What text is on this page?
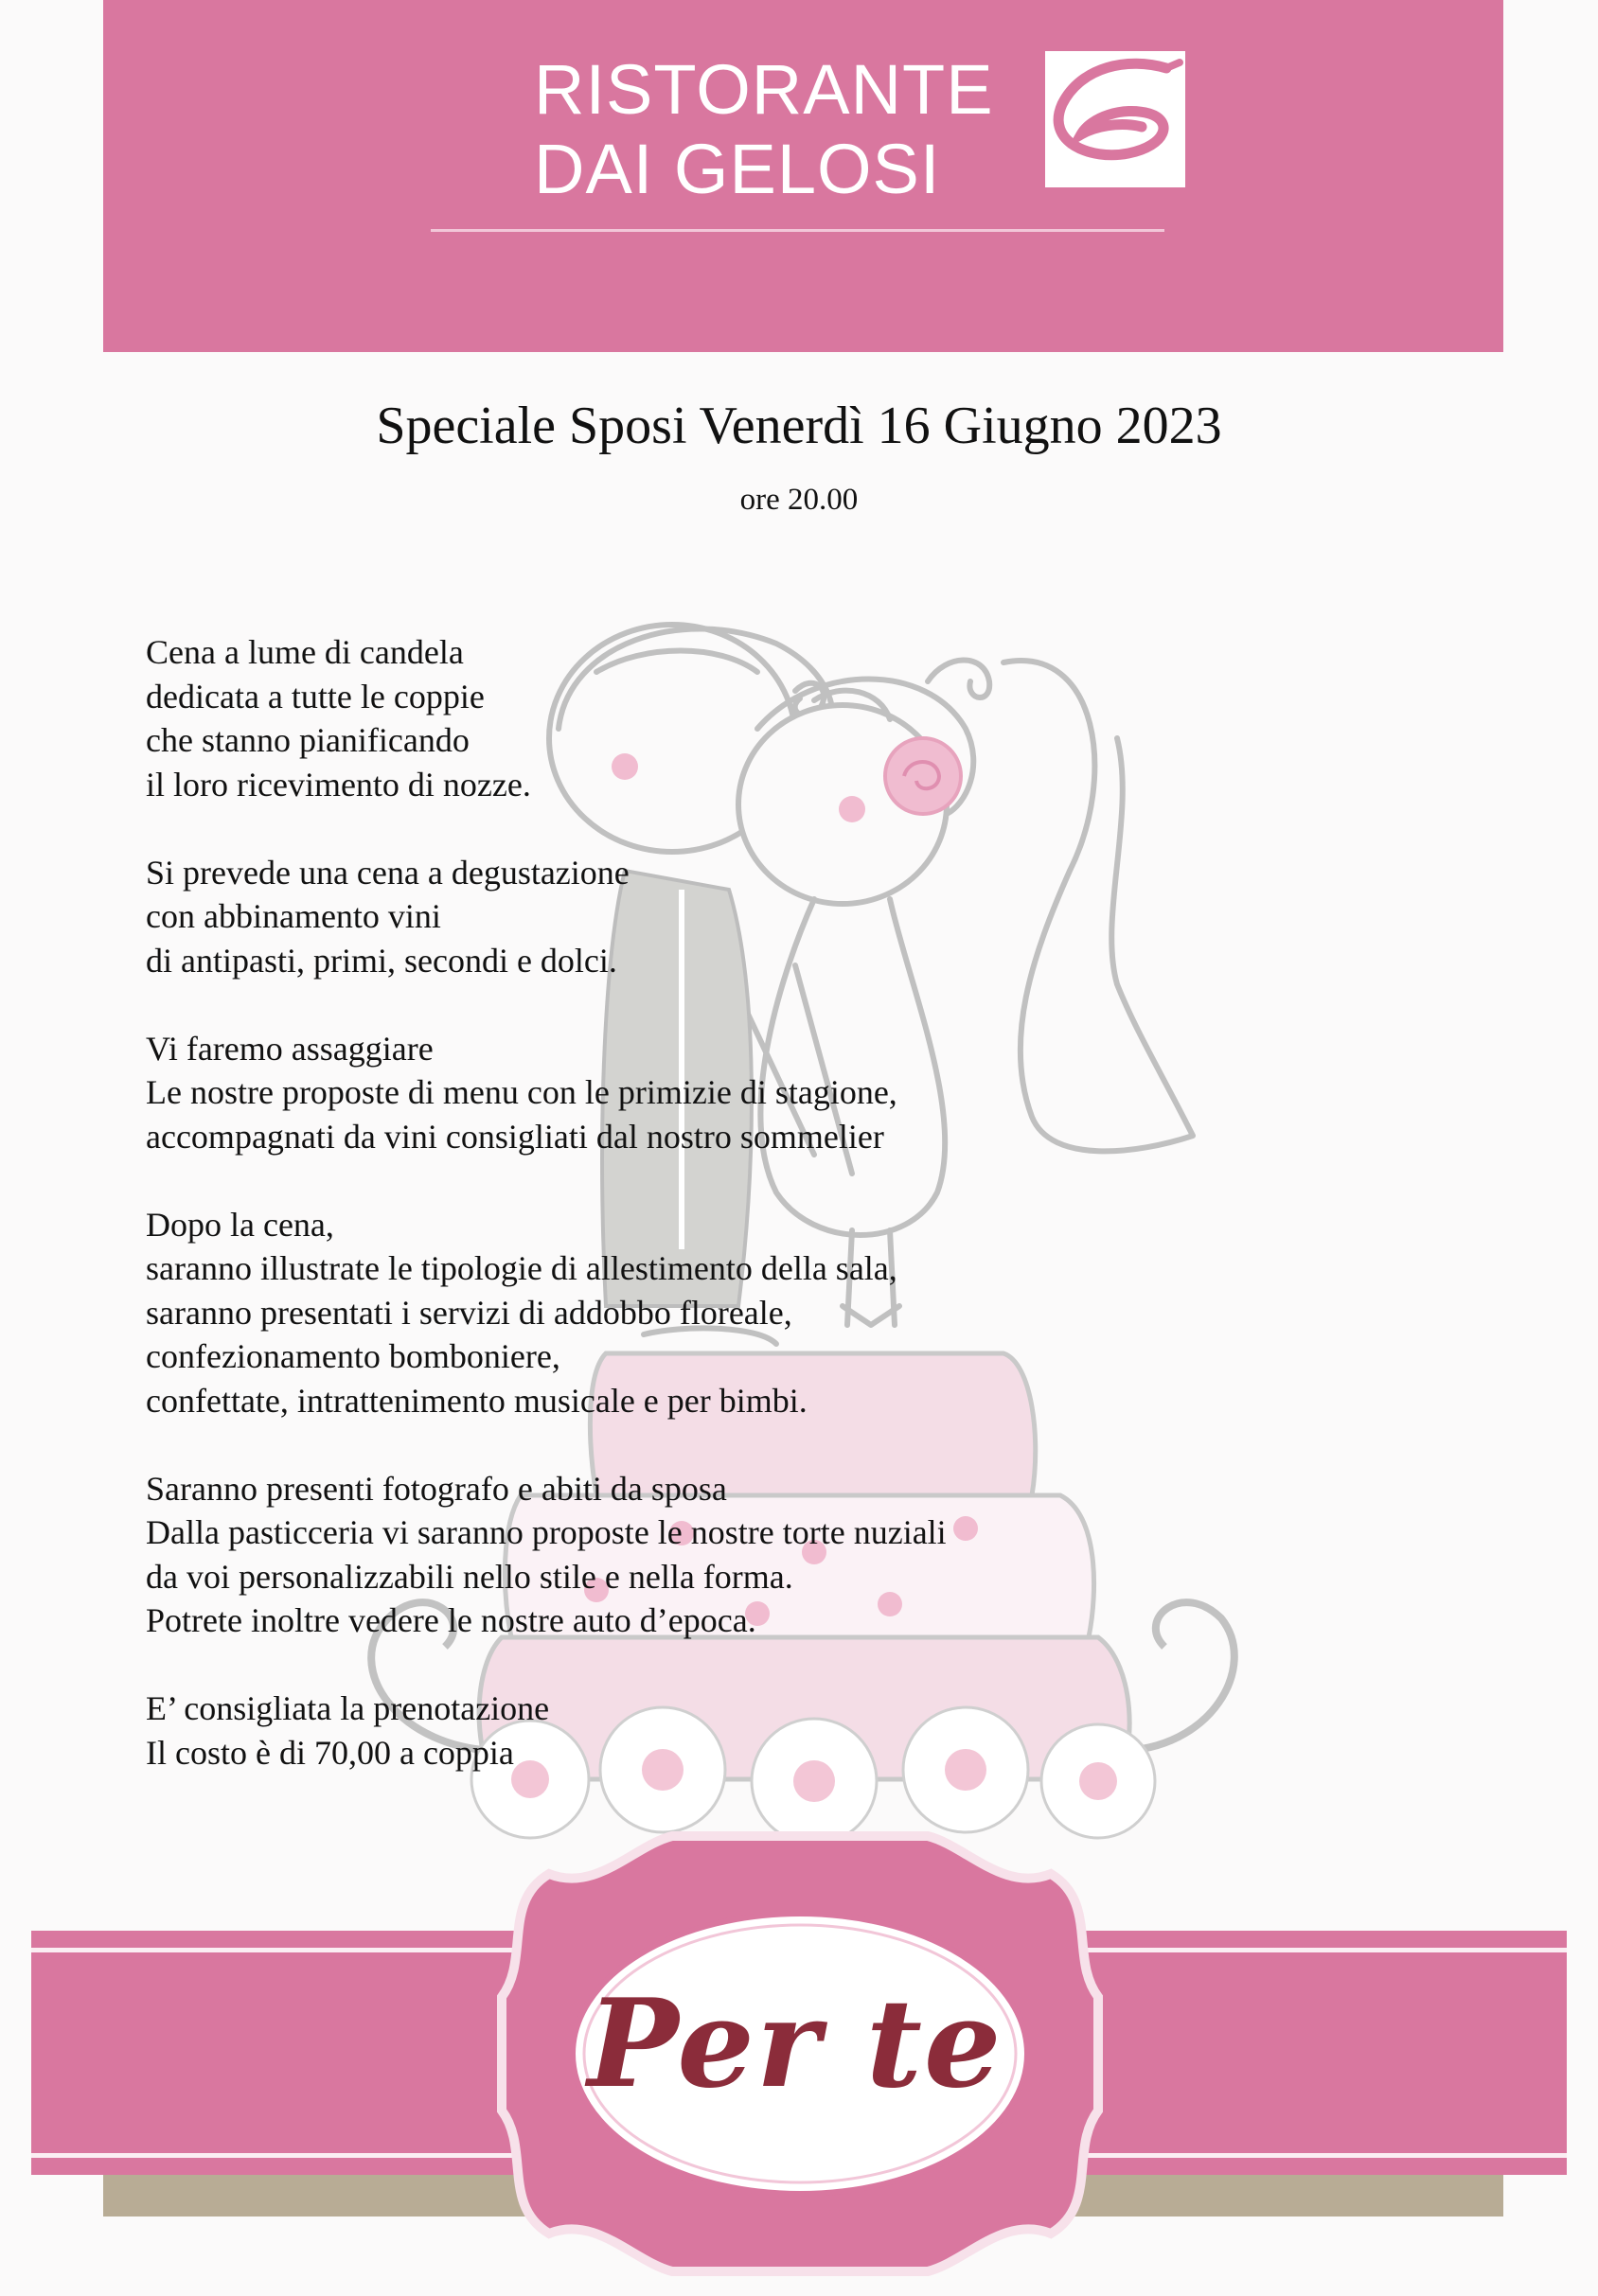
RISTORANTE
DAI GELOSI
Speciale Sposi Venerdì 16 Giugno 2023
ore 20.00
Cena a lume di candela
dedicata a tutte le coppie
che stanno pianificando
il loro ricevimento di nozze.
Si prevede una cena a degustazione
con abbinamento vini
di antipasti, primi, secondi e dolci.
Vi faremo assaggiare
Le nostre proposte di menu con le primizie di stagione,
accompagnati da vini consigliati dal nostro sommelier
Dopo la cena,
saranno illustrate le tipologie di allestimento della sala,
saranno presentati i servizi di addobbo floreale,
confezionamento bomboniere,
confettate, intrattenimento musicale e per bimbi.
Saranno presenti fotografo e abiti da sposa
Dalla pasticceria vi saranno proposte le nostre torte nuziali
da voi personalizzabili nello stile e nella forma.
Potrete inoltre vedere le nostre auto d’epoca.
E’ consigliata la prenotazione
Il costo è di 70,00 a coppia
Per te
